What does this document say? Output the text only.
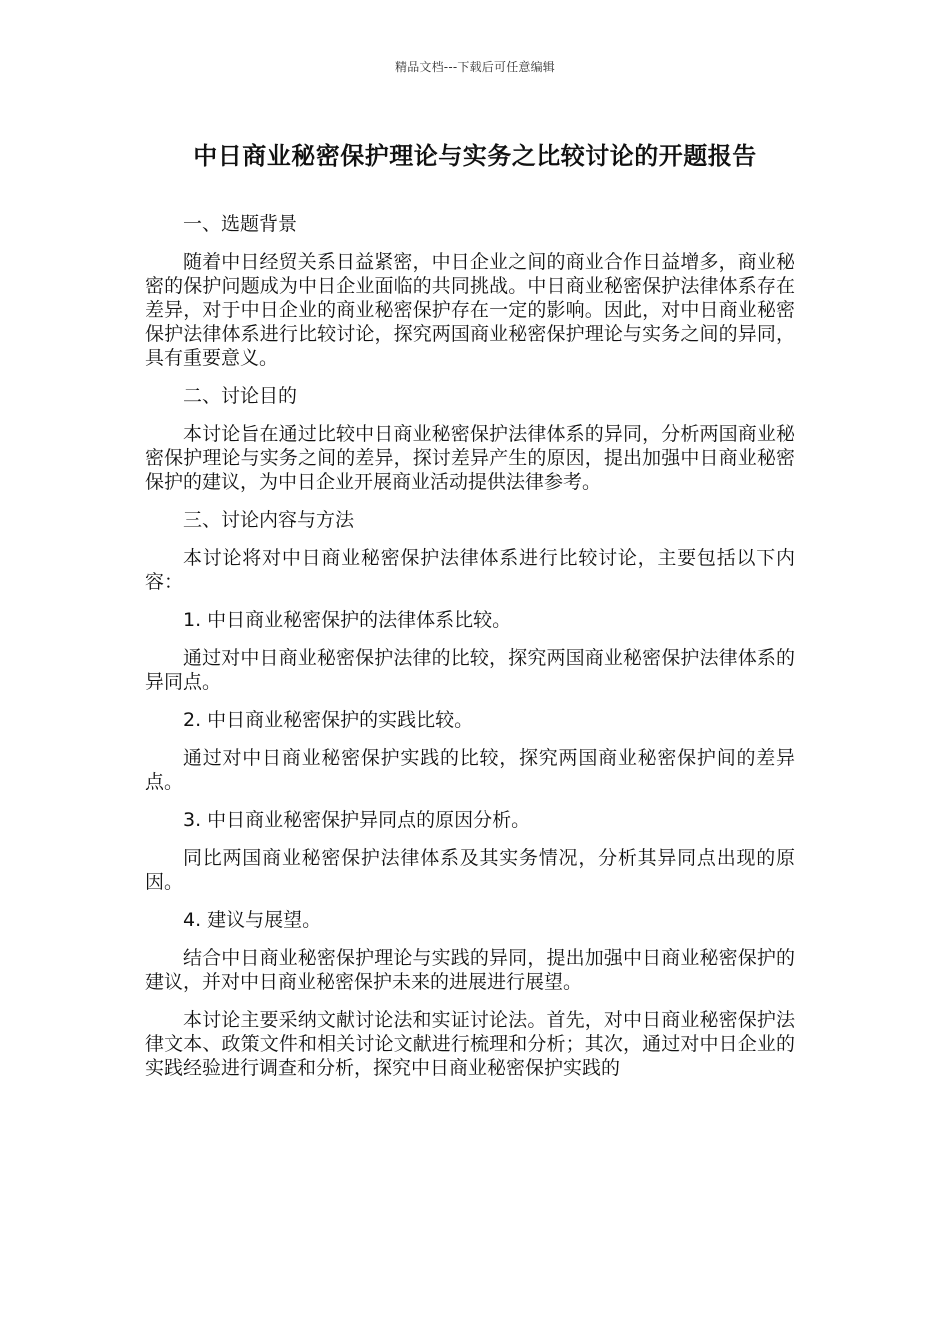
精品文档---下载后可任意编辑
中日商业秘密保护理论与实务之比较讨论的开题报告
一、选题背景

随着中日经贸关系日益紧密，中日企业之间的商业合作日益增多，商业秘密的保护问题成为中日企业面临的共同挑战。中日商业秘密保护法律体系存在差异，对于中日企业的商业秘密保护存在一定的影响。因此，对中日商业秘密保护法律体系进行比较讨论，探究两国商业秘密保护理论与实务之间的异同，具有重要意义。

二、讨论目的

本讨论旨在通过比较中日商业秘密保护法律体系的异同，分析两国商业秘密保护理论与实务之间的差异，探讨差异产生的原因，提出加强中日商业秘密保护的建议，为中日企业开展商业活动提供法律参考。

三、讨论内容与方法

本讨论将对中日商业秘密保护法律体系进行比较讨论，主要包括以下内容：

1. 中日商业秘密保护的法律体系比较。

通过对中日商业秘密保护法律的比较，探究两国商业秘密保护法律体系的异同点。

2. 中日商业秘密保护的实践比较。

通过对中日商业秘密保护实践的比较，探究两国商业秘密保护间的差异点。

3. 中日商业秘密保护异同点的原因分析。

同比两国商业秘密保护法律体系及其实务情况，分析其异同点出现的原因。

4. 建议与展望。

结合中日商业秘密保护理论与实践的异同，提出加强中日商业秘密保护的建议，并对中日商业秘密保护未来的进展进行展望。

本讨论主要采纳文献讨论法和实证讨论法。首先，对中日商业秘密保护法律文本、政策文件和相关讨论文献进行梳理和分析；其次，通过对中日企业的实践经验进行调查和分析，探究中日商业秘密保护实践的
